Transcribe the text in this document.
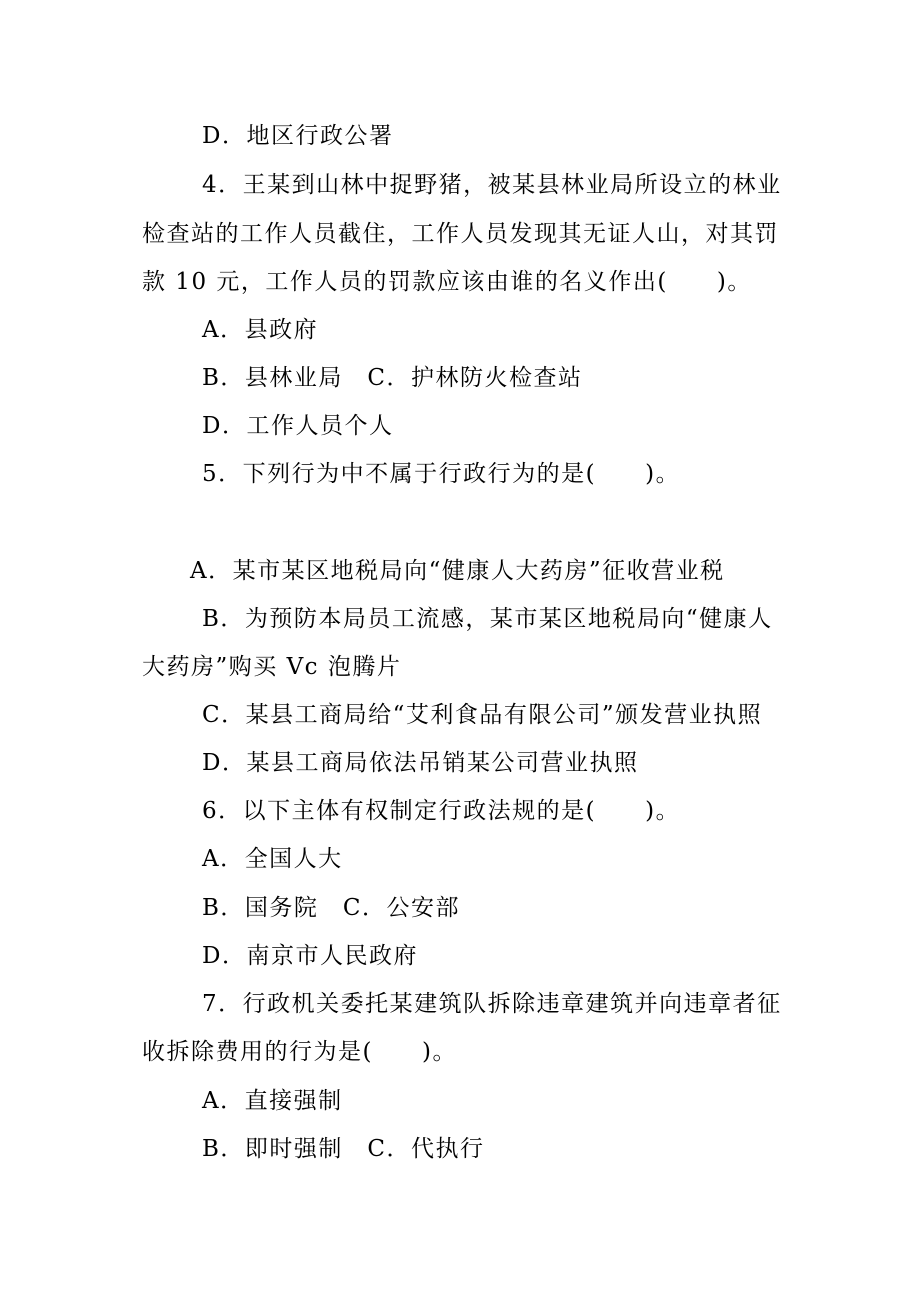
D．地区行政公署
4．王某到山林中捉野猪，被某县林业局所设立的林业
检查站的工作人员截住，工作人员发现其无证人山，对其罚
款 10 元，工作人员的罚款应该由谁的名义作出(　　)。
A．县政府
B．县林业局　C．护林防火检查站
D．工作人员个人
5．下列行为中不属于行政行为的是(　　)。
A．某市某区地税局向“健康人大药房”征收营业税
B．为预防本局员工流感，某市某区地税局向“健康人
大药房”购买 Vc 泡腾片
C．某县工商局给“艾利食品有限公司”颁发营业执照
D．某县工商局依法吊销某公司营业执照
6．以下主体有权制定行政法规的是(　　)。
A．全国人大
B．国务院　C．公安部
D．南京市人民政府
7．行政机关委托某建筑队拆除违章建筑并向违章者征
收拆除费用的行为是(　　)。
A．直接强制
B．即时强制　C．代执行
